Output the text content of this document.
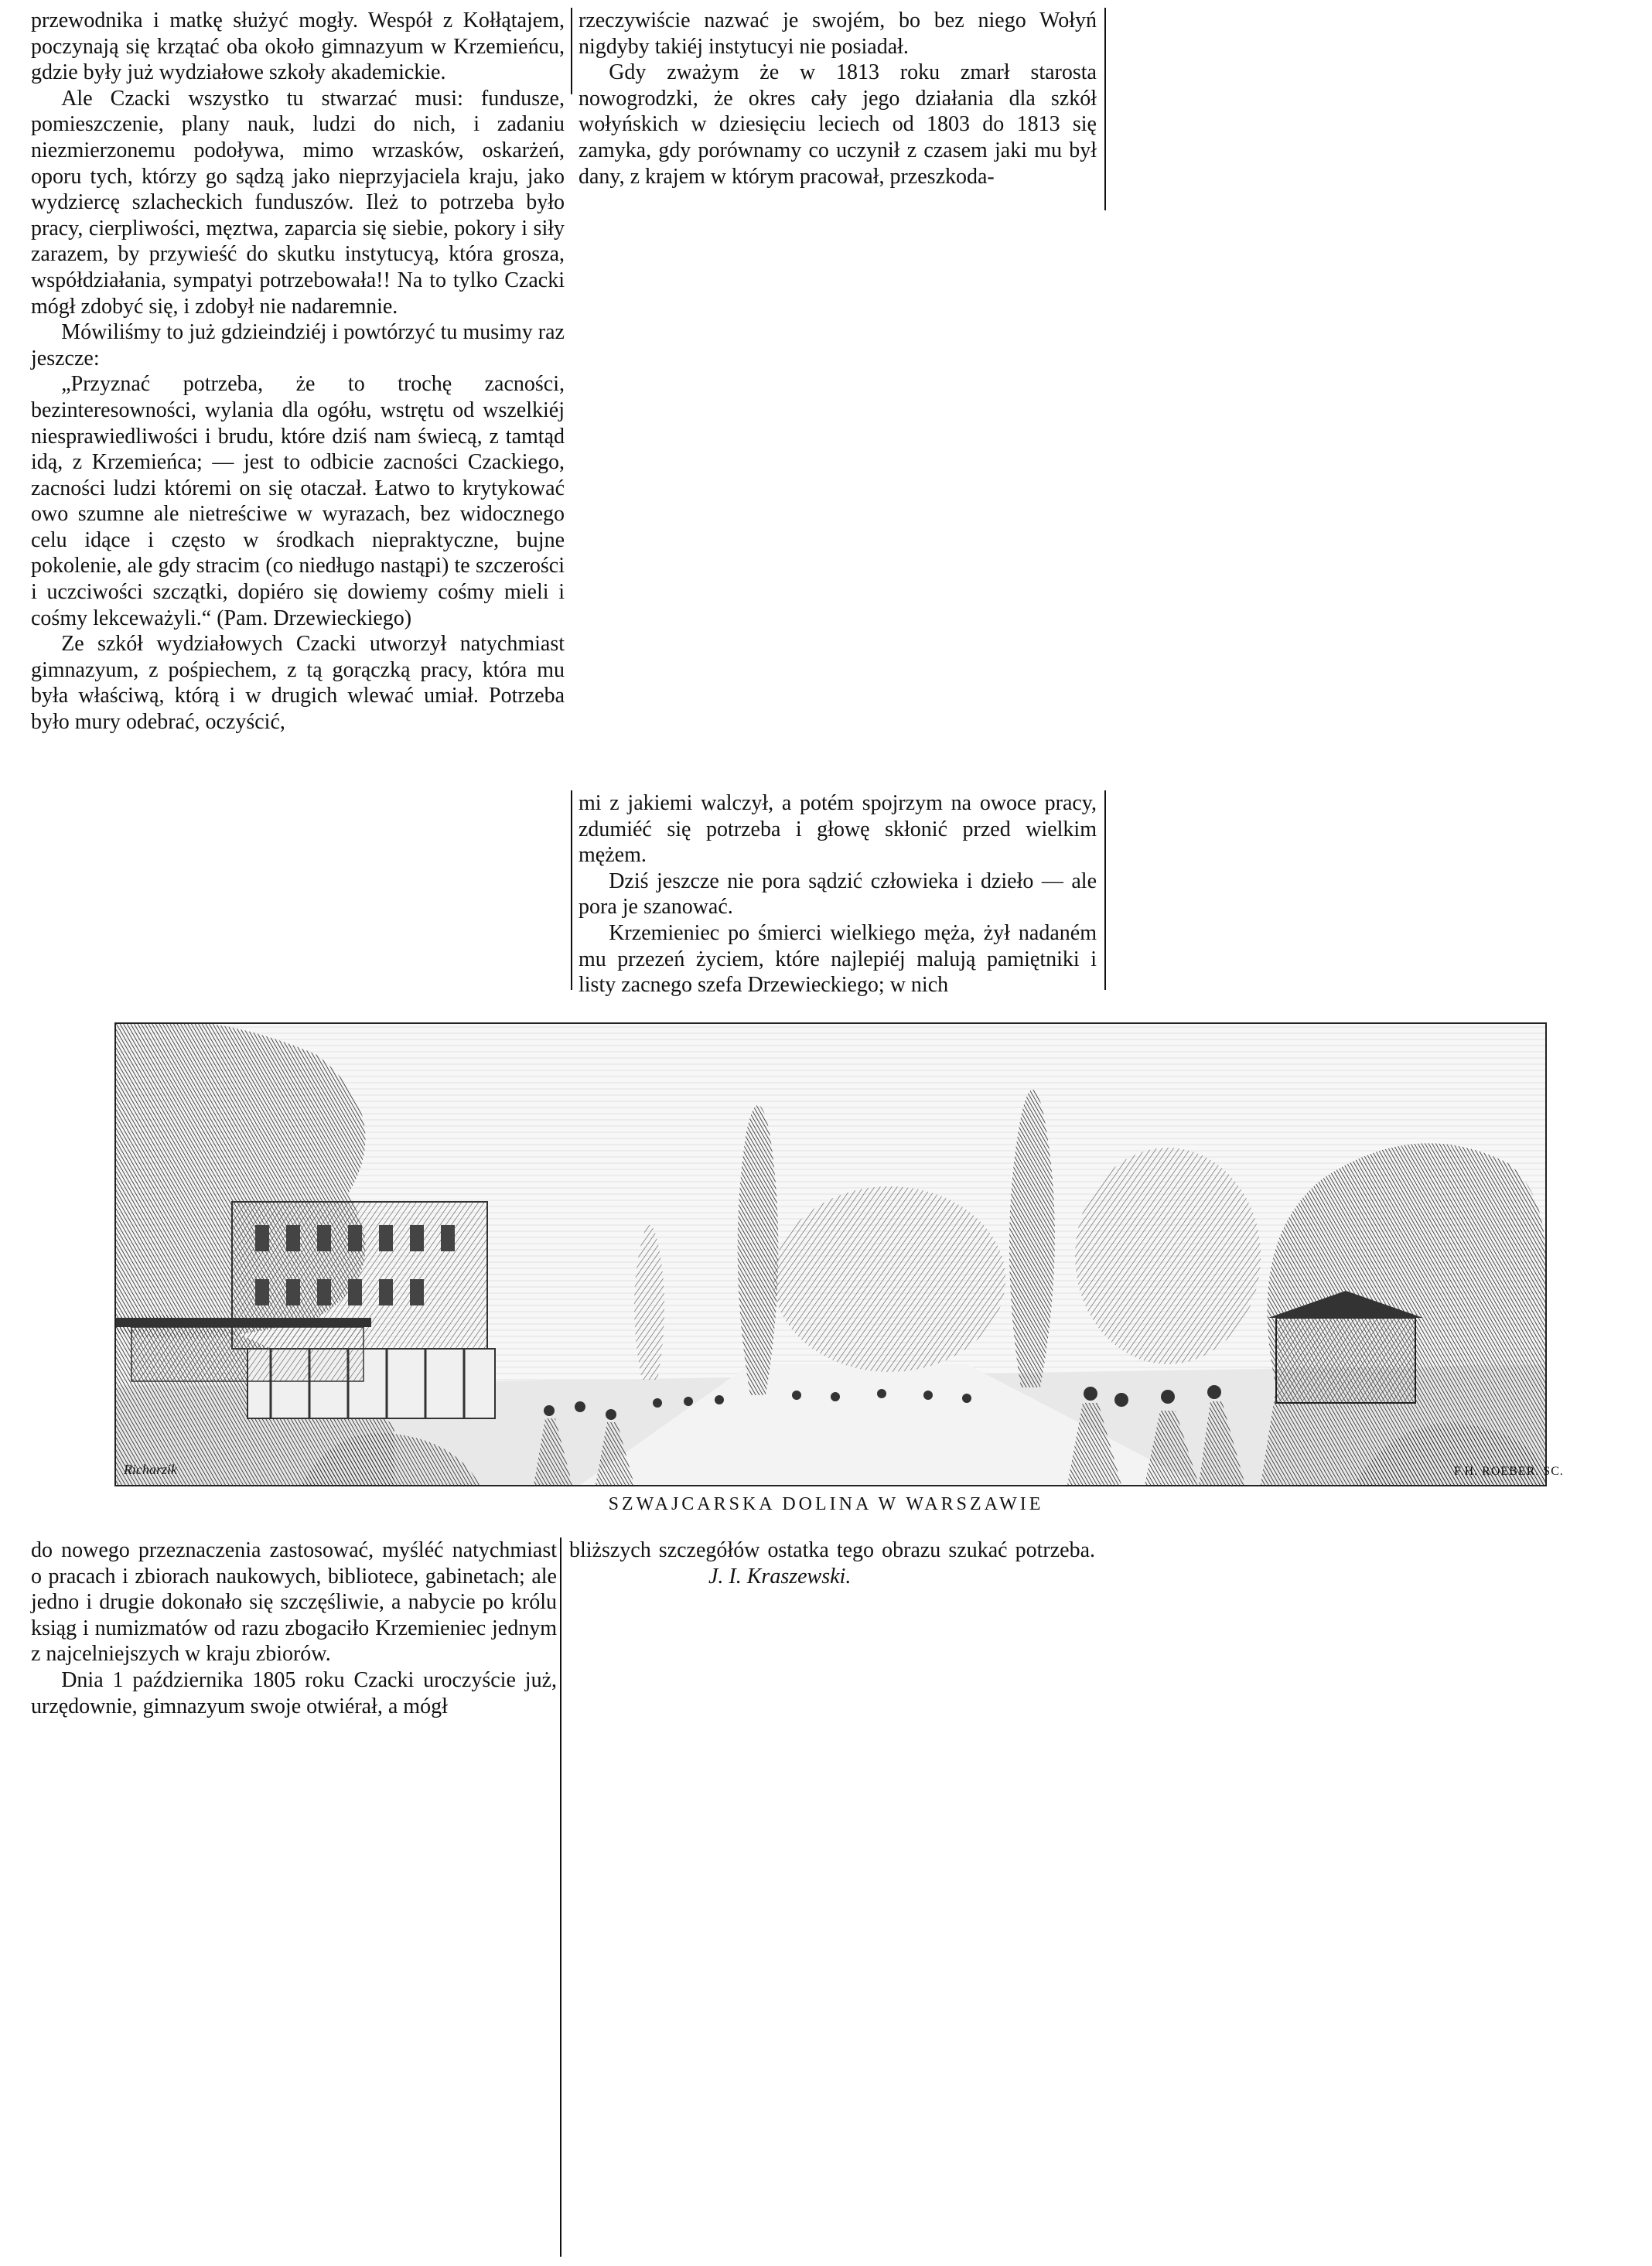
przewodnika i matkę służyć mogły. Wespół z Kołłątajem, poczynają się krzątać oba około gimnazyum w Krzemieńcu, gdzie były już wydziałowe szkoły akademickie.

Ale Czacki wszystko tu stwarzać musi: fundusze, pomieszczenie, plany nauk, ludzi do nich, i zadaniu niezmierzonemu podoływa, mimo wrzasków, oskarżeń, oporu tych, którzy go sądzą jako nieprzyjaciela kraju, jako wydziercę szlacheckich funduszów. Ileż to potrzeba było pracy, cierpliwości, męztwa, zaparcia się siebie, pokory i siły zarazem, by przywieść do skutku instytucyą, która grosza, współdziałania, sympatyi potrzebowała!! Na to tylko Czacki mógł zdobyć się, i zdobył nie nadaremnie.

Mówiliśmy to już gdzieindziéj i powtórzyć tu musimy raz jeszcze:

„Przyznać potrzeba, że to trochę zacności, bezinteresowności, wylania dla ogółu, wstrętu od wszelkiéj niesprawiedliwości i brudu, które dziś nam świecą, z tamtąd idą, z Krzemieńca; — jest to odbicie zacności Czackiego, zacności ludzi któremi on się otaczał. Łatwo to krytykować owo szumne ale nietreściwe w wyrazach, bez widocznego celu idące i często w środkach niepraktyczne, bujne pokolenie, ale gdy stracim (co niedługo nastąpi) te szczerości i uczciwości szczątki, dopiéro się dowiemy cośmy mieli i cośmy lekceważyli.“ (Pam. Drzewieckiego)

Ze szkół wydziałowych Czacki utworzył natychmiast gimnazyum, z pośpiechem, z tą gorączką pracy, która mu była właściwą, którą i w drugich wlewać umiał. Potrzeba było mury odebrać, oczyścić,

rzeczywiście nazwać je swojém, bo bez niego Wołyń nigdyby takiéj instytucyi nie posiadał.

Gdy zważym że w 1813 roku zmarł starosta nowogrodzki, że okres cały jego działania dla szkół wołyńskich w dziesięciu leciech od 1803 do 1813 się zamyka, gdy porównamy co uczynił z czasem jaki mu był dany, z krajem w którym pracował, przeszkoda-

mi z jakiemi walczył, a potém spojrzym na owoce pracy, zdumiéć się potrzeba i głowę skłonić przed wielkim mężem.

Dziś jeszcze nie pora sądzić człowieka i dzieło — ale pora je szanować.

Krzemieniec po śmierci wielkiego męża, żył nadaném mu przezeń życiem, które najlepiéj malują pamiętniki i listy zacnego szefa Drzewieckiego; w nich

Richarzik	F.H. ROEBER. SC.
SZWAJCARSKA DOLINA W WARSZAWIE

do nowego przeznaczenia zastosować, myśléć natychmiast o pracach i zbiorach naukowych, bibliotece, gabinetach; ale jedno i drugie dokonało się szczęśliwie, a nabycie po królu ksiąg i numizmatów od razu zbogaciło Krzemieniec jednym z najcelniejszych w kraju zbiorów.

Dnia 1 października 1805 roku Czacki uroczyście już, urzędownie, gimnazyum swoje otwiérał, a mógł

bliższych szczegółów ostatka tego obrazu szukać potrzeba. J. I. Kraszewski.
